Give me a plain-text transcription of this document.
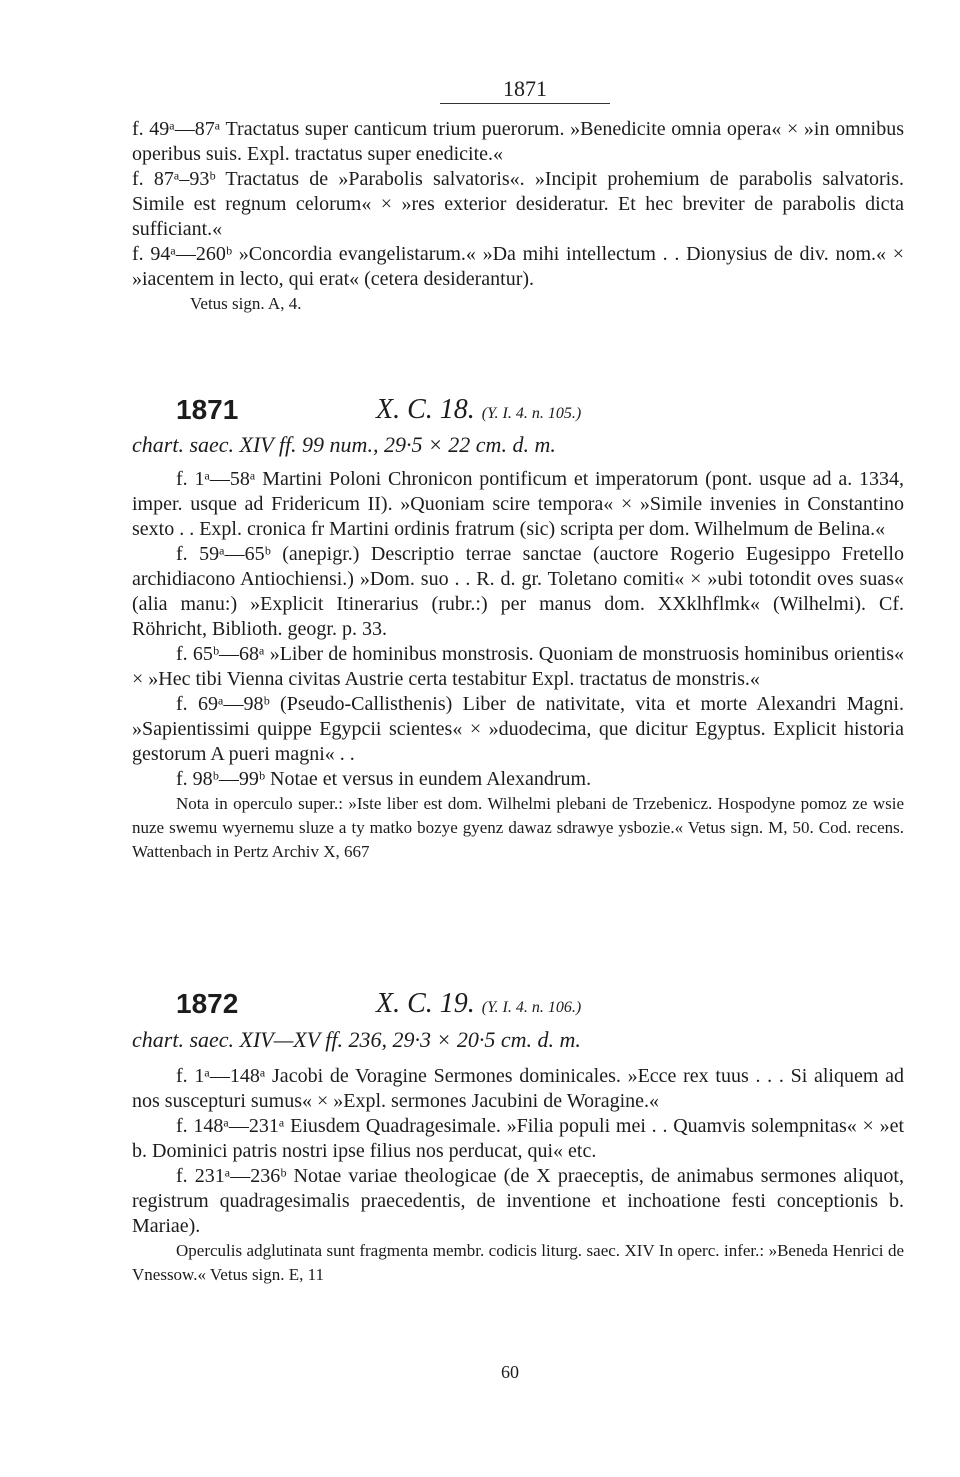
1871

f. 49ᵃ—87ᵃ Tractatus super canticum trium puerorum. »Benedicite omnia opera« × »in omnibus operibus suis. Expl. tractatus super enedicite.«

f. 87ᵃ–93ᵇ Tractatus de »Parabolis salvatoris«. »Incipit prohemium de parabolis salvatoris. Simile est regnum celorum« × »res exterior desideratur. Et hec breviter de parabolis dicta sufficiant.«

f. 94ᵃ—260ᵇ »Concordia evangelistarum.« »Da mihi intellectum . . Dionysius de div. nom.« × »iacentem in lecto, qui erat« (cetera desiderantur).

Vetus sign. A, 4.

1871	X. C. 18. (Y. I. 4. n. 105.)
chart. saec. XIV ff. 99 num., 29·5 × 22 cm. d. m.

f. 1ᵃ—58ᵃ Martini Poloni Chronicon pontificum et imperatorum (pont. usque ad a. 1334, imper. usque ad Fridericum II). »Quoniam scire tempora« × »Simile invenies in Constantino sexto . . Expl. cronica fr Martini ordinis fratrum (sic) scripta per dom. Wilhelmum de Belina.«

f. 59ᵃ—65ᵇ (anepigr.) Descriptio terrae sanctae (auctore Rogerio Eugesippo Fretello archidiacono Antiochiensi.) »Dom. suo . . R. d. gr. Toletano comiti« × »ubi totondit oves suas« (alia manu:) »Explicit Itinerarius (rubr.:) per manus dom. XXklhflmk« (Wilhelmi). Cf. Röhricht, Biblioth. geogr. p. 33.

f. 65ᵇ—68ᵃ »Liber de hominibus monstrosis. Quoniam de monstruosis hominibus orientis« × »Hec tibi Vienna civitas Austrie certa testabitur Expl. tractatus de monstris.«

f. 69ᵃ—98ᵇ (Pseudo-Callisthenis) Liber de nativitate, vita et morte Alexandri Magni. »Sapientissimi quippe Egypcii scientes« × »duodecima, que dicitur Egyptus. Explicit historia gestorum A pueri magni« . .

f. 98ᵇ—99ᵇ Notae et versus in eundem Alexandrum.

Nota in operculo super.: »Iste liber est dom. Wilhelmi plebani de Trzebenicz. Hospodyne pomoz ze wsie nuze swemu wyernemu sluze a ty matko bozye gyenz dawaz sdrawye ysbozie.« Vetus sign. M, 50. Cod. recens. Wattenbach in Pertz Archiv X, 667

1872	X. C. 19. (Y. I. 4. n. 106.)
chart. saec. XIV—XV ff. 236, 29·3 × 20·5 cm. d. m.

f. 1ᵃ—148ᵃ Jacobi de Voragine Sermones dominicales. »Ecce rex tuus . . . Si aliquem ad nos suscepturi sumus« × »Expl. sermones Jacubini de Woragine.«

f. 148ᵃ—231ᵃ Eiusdem Quadragesimale. »Filia populi mei . . Quamvis solempnitas« × »et b. Dominici patris nostri ipse filius nos perducat, qui« etc.

f. 231ᵃ—236ᵇ Notae variae theologicae (de X praeceptis, de animabus sermones aliquot, registrum quadragesimalis praecedentis, de inventione et inchoatione festi conceptionis b. Mariae).

Operculis adglutinata sunt fragmenta membr. codicis liturg. saec. XIV In operc. infer.: »Beneda Henrici de Vnessow.« Vetus sign. E, 11

60
